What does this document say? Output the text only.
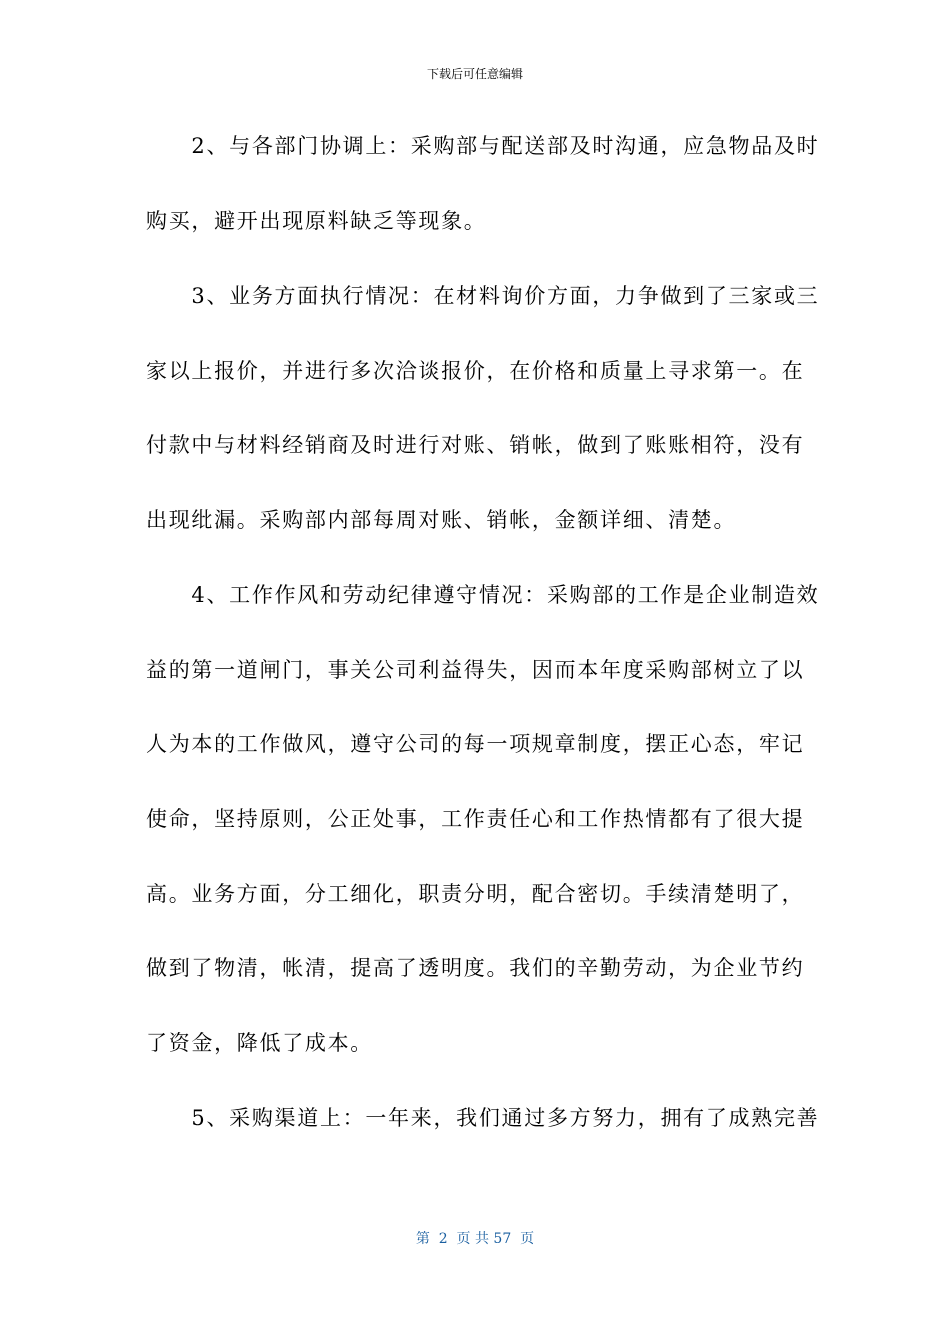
下载后可任意编辑
　　2、与各部门协调上：采购部与配送部及时沟通，应急物品及时
购买，避开出现原料缺乏等现象。
　　3、业务方面执行情况：在材料询价方面，力争做到了三家或三
家以上报价，并进行多次洽谈报价，在价格和质量上寻求第一。在
付款中与材料经销商及时进行对账、销帐，做到了账账相符，没有
出现纰漏。采购部内部每周对账、销帐，金额详细、清楚。
　　4、工作作风和劳动纪律遵守情况：采购部的工作是企业制造效
益的第一道闸门，事关公司利益得失，因而本年度采购部树立了以
人为本的工作做风，遵守公司的每一项规章制度，摆正心态，牢记
使命，坚持原则，公正处事，工作责任心和工作热情都有了很大提
高。业务方面，分工细化，职责分明，配合密切。手续清楚明了，
做到了物清，帐清，提高了透明度。我们的辛勤劳动，为企业节约
了资金，降低了成本。
　　5、采购渠道上：一年来，我们通过多方努力，拥有了成熟完善
第  2  页 共 57  页
